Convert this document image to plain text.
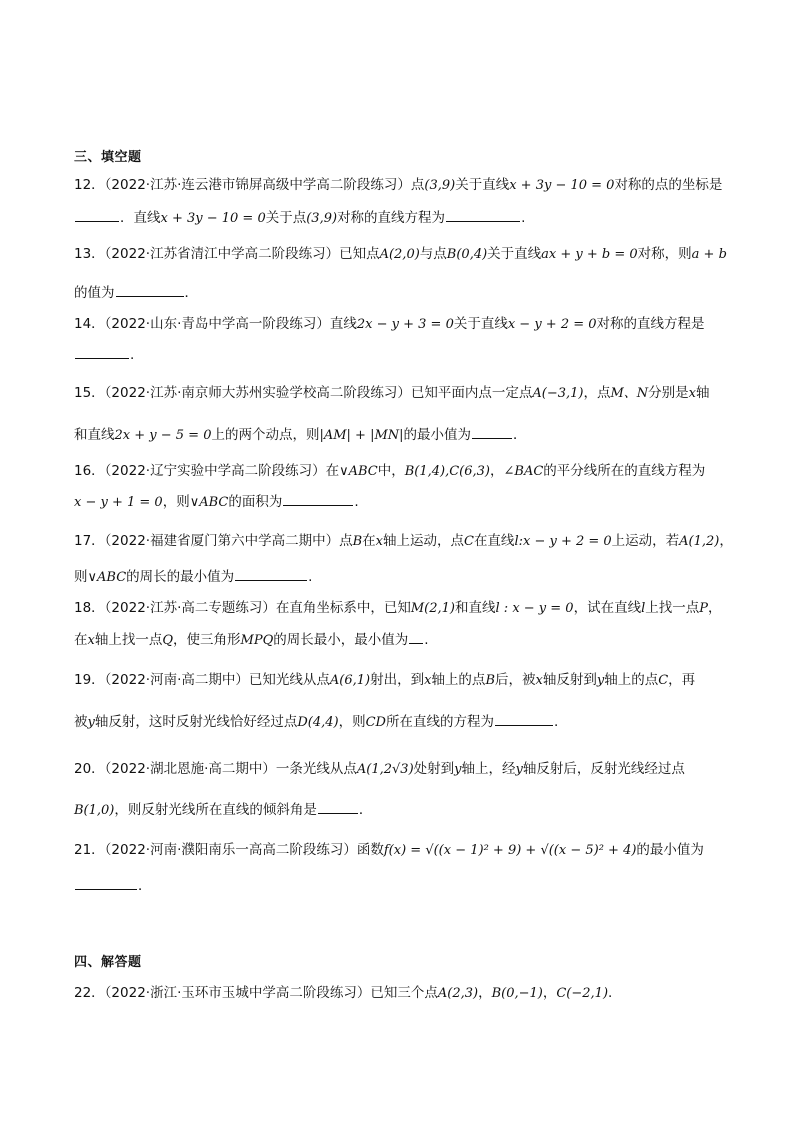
三、填空题
12．（2022·江苏·连云港市锦屏高级中学高二阶段练习）点(3,9)关于直线x + 3y − 10 = 0对称的点的坐标是
．直线x + 3y − 10 = 0关于点(3,9)对称的直线方程为	.
13．（2022·江苏省清江中学高二阶段练习）已知点A(2,0)与点B(0,4)关于直线ax + y + b = 0对称，则a + b
的值为	．
14．（2022·山东·青岛中学高一阶段练习）直线2x − y + 3 = 0关于直线x − y + 2 = 0对称的直线方程是
.
15．（2022·江苏·南京师大苏州实验学校高二阶段练习）已知平面内点一定点A(−3,1)，点M、N分别是x轴
和直线2x + y − 5 = 0上的两个动点，则|AM| + |MN|的最小值为	．
16．（2022·辽宁实验中学高二阶段练习）在∨ABC中，B(1,4),C(6,3)，∠BAC的平分线所在的直线方程为
x − y + 1 = 0，则∨ABC的面积为	.
17．（2022·福建省厦门第六中学高二期中）点B在x轴上运动，点C在直线l:x − y + 2 = 0上运动，若A(1,2)，
则∨ABC的周长的最小值为	.
18．（2022·江苏·高二专题练习）在直角坐标系中，已知M(2,1)和直线l : x − y = 0，试在直线l上找一点P，
在x轴上找一点Q，使三角形MPQ的周长最小，最小值为 .
19．（2022·河南·高二期中）已知光线从点A(6,1)射出，到x轴上的点B后，被x轴反射到y轴上的点C，再
被y轴反射，这时反射光线恰好经过点D(4,4)，则CD所在直线的方程为	.
20．（2022·湖北恩施·高二期中）一条光线从点A(1,2√3)处射到y轴上，经y轴反射后，反射光线经过点
B(1,0)，则反射光线所在直线的倾斜角是	．
21．（2022·河南·濮阳南乐一高高二阶段练习）函数f(x) = √((x − 1)² + 9) + √((x − 5)² + 4)的最小值为
．
四、解答题
22．（2022·浙江·玉环市玉城中学高二阶段练习）已知三个点A(2,3)，B(0,−1)，C(−2,1).
